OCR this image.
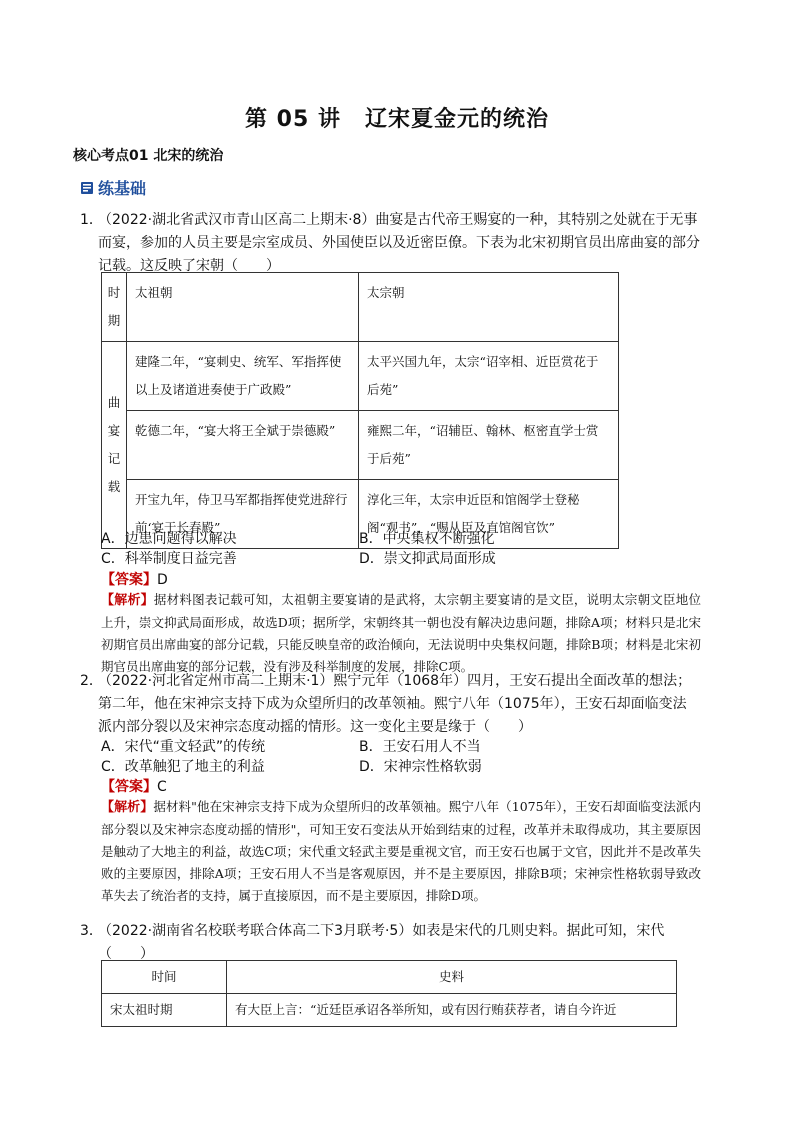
第 05 讲 辽宋夏金元的统治
核心考点01 北宋的统治
练基础
1．
（2022·湖北省武汉市青山区高二上期末·8）曲宴是古代帝王赐宴的一种，其特别之处就在于无事而宴，参加的人员主要是宗室成员、外国使臣以及近密臣僚。下表为北宋初期官员出席曲宴的部分记载。这反映了宋朝（　　）
时期	太祖朝	太宗朝
曲宴记载	建隆二年，“宴刺史、统军、军指挥使以上及诸道进奏使于广政殿”	太平兴国九年，太宗“诏宰相、近臣赏花于后苑”
	乾德二年，“宴大将王全斌于崇德殿”	雍熙二年，“诏辅臣、翰林、枢密直学士赏于后苑”
	开宝九年，侍卫马军都指挥使党进辞行前‘宴于长春殿”	淳化三年，太宗申近臣和馆阁学士登秘阁“观书”，“赐从臣及直馆阁官饮”
A．边患问题得以解决	B．中央集权不断强化
C．科举制度日益完善	D．崇文抑武局面形成
【答案】D
【解析】据材料图表记载可知，太祖朝主要宴请的是武将，太宗朝主要宴请的是文臣，说明太宗朝文臣地位上升，崇文抑武局面形成，故选D项；据所学，宋朝终其一朝也没有解决边患问题，排除A项；材料只是北宋初期官员出席曲宴的部分记载，只能反映皇帝的政治倾向，无法说明中央集权问题，排除B项；材料是北宋初期官员出席曲宴的部分记载，没有涉及科举制度的发展，排除C项。
2．
（2022·河北省定州市高二上期末·1）熙宁元年（1068年）四月，王安石提出全面改革的想法；第二年，他在宋神宗支持下成为众望所归的改革领袖。熙宁八年（1075年），王安石却面临变法派内部分裂以及宋神宗态度动摇的情形。这一变化主要是缘于（　　）
A．宋代“重文轻武”的传统	B．王安石用人不当
C．改革触犯了地主的利益	D．宋神宗性格软弱
【答案】C
【解析】据材料"他在宋神宗支持下成为众望所归的改革领袖。熙宁八年（1075年），王安石却面临变法派内部分裂以及宋神宗态度动摇的情形"，可知王安石变法从开始到结束的过程，改革并未取得成功，其主要原因是触动了大地主的利益，故选C项；宋代重文轻武主要是重视文官，而王安石也属于文官，因此并不是改革失败的主要原因，排除A项；王安石用人不当是客观原因，并不是主要原因，排除B项；宋神宗性格软弱导致改革失去了统治者的支持，属于直接原因，而不是主要原因，排除D项。
3．
（2022·湖南省名校联考联合体高二下3月联考·5）如表是宋代的几则史料。据此可知，宋代（　　）
时间	史料
宋太祖时期	有大臣上言：“近廷臣承诏各举所知，或有因行贿获荐者，请自今许近
